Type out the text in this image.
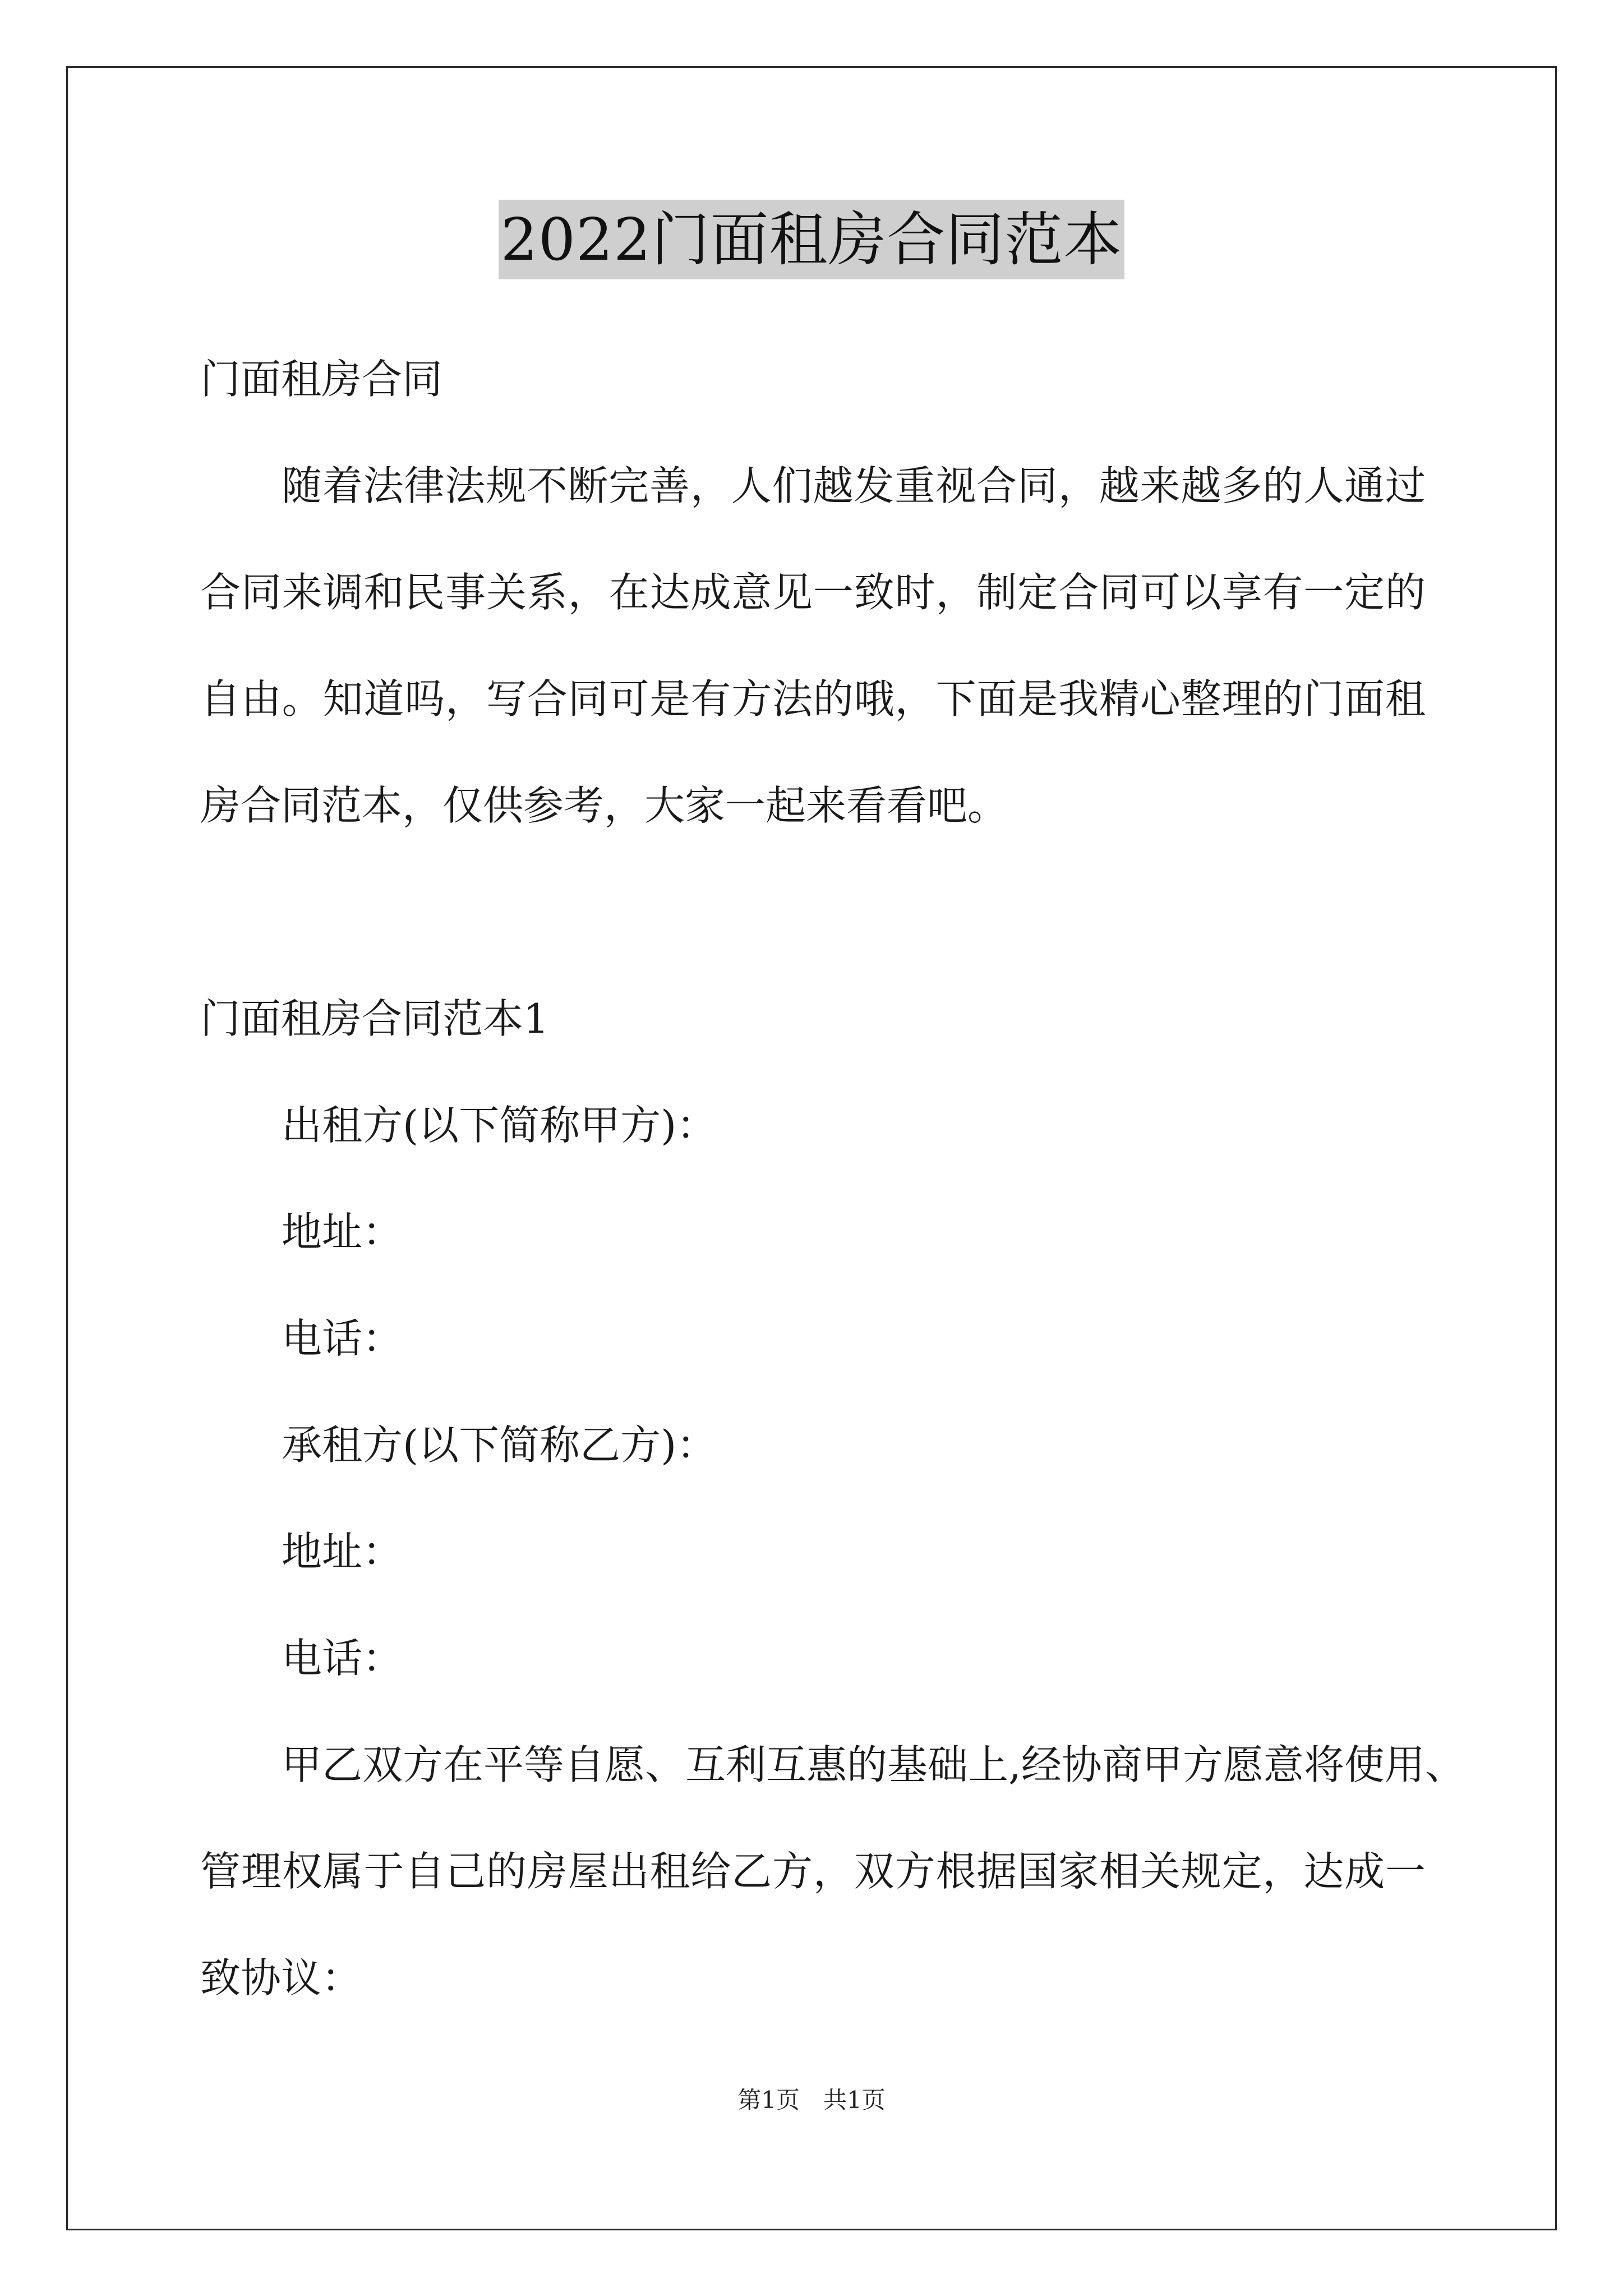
2022门面租房合同范本
门面租房合同
随着法律法规不断完善，人们越发重视合同，越来越多的人通过
合同来调和民事关系，在达成意见一致时，制定合同可以享有一定的
自由。知道吗，写合同可是有方法的哦，下面是我精心整理的门面租
房合同范本，仅供参考，大家一起来看看吧。
门面租房合同范本1
出租方(以下简称甲方)：
地址：
电话：
承租方(以下简称乙方)：
地址：
电话：
甲乙双方在平等自愿、互利互惠的基础上,经协商甲方愿意将使用、
管理权属于自己的房屋出租给乙方，双方根据国家相关规定，达成一
致协议：
第1页　共1页
